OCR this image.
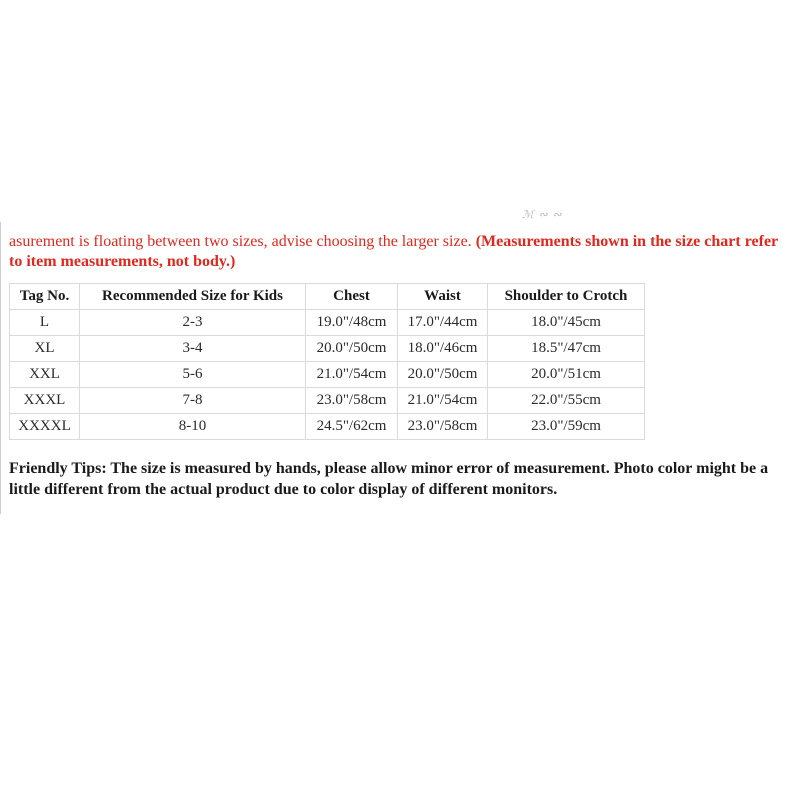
ℳ ∾ ∾
asurement is floating between two sizes, advise choosing the larger size. (Measurements shown in the size chart refer
to item measurements, not body.)
Tag No.	Recommended Size for Kids	Chest	Waist	Shoulder to Crotch
L	2-3	19.0"/48cm	17.0"/44cm	18.0"/45cm
XL	3-4	20.0"/50cm	18.0"/46cm	18.5"/47cm
XXL	5-6	21.0"/54cm	20.0"/50cm	20.0"/51cm
XXXL	7-8	23.0"/58cm	21.0"/54cm	22.0"/55cm
XXXXL	8-10	24.5"/62cm	23.0"/58cm	23.0"/59cm
Friendly Tips: The size is measured by hands, please allow minor error of measurement. Photo color might be a
little different from the actual product due to color display of different monitors.
